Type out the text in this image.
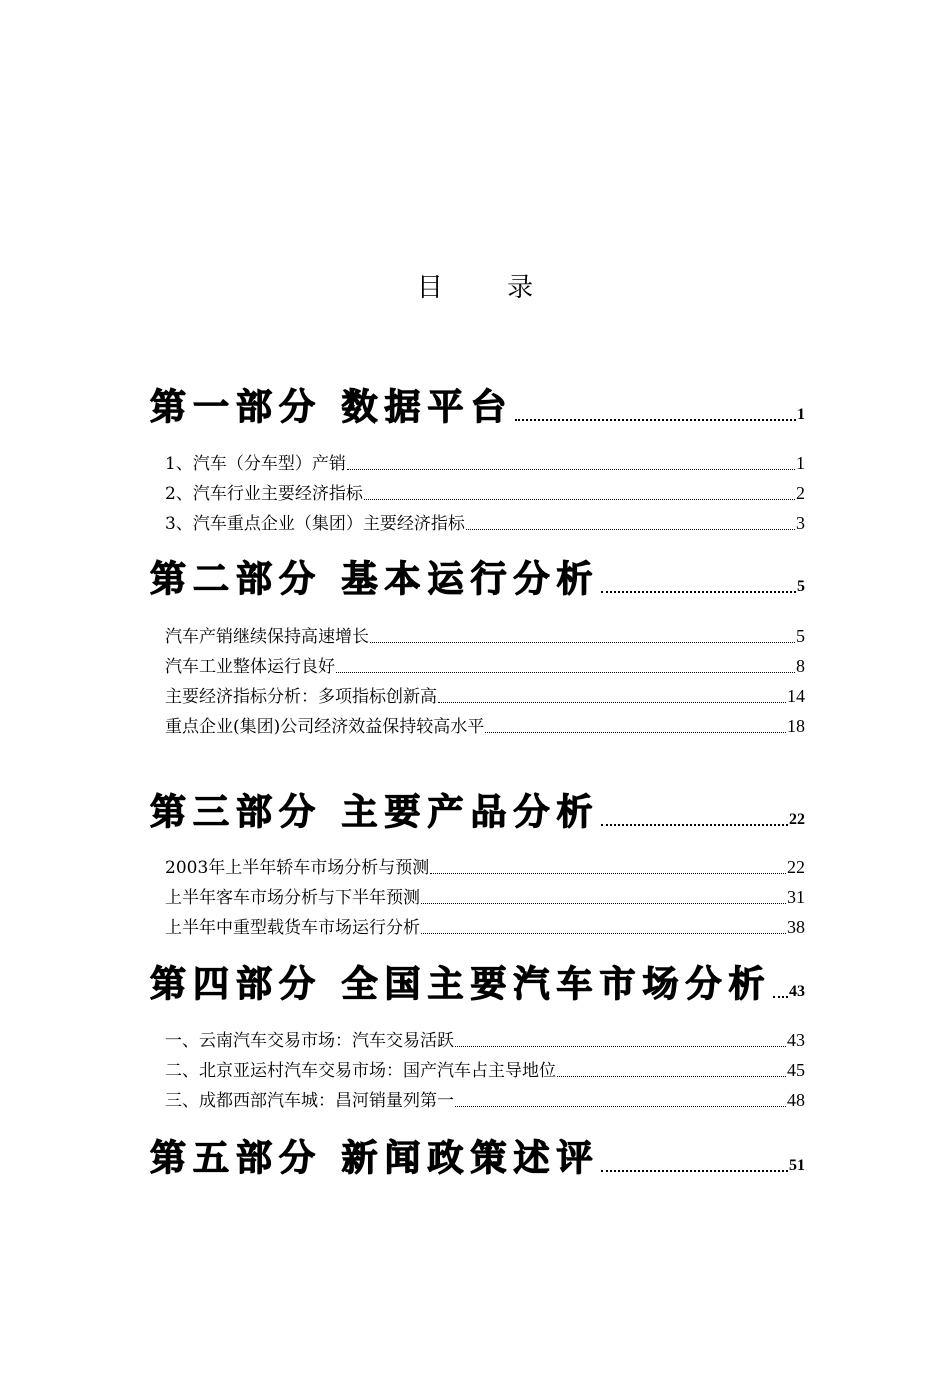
目 录
第一部分 数据平台	1
1、汽车（分车型）产销	1
2、汽车行业主要经济指标	2
3、汽车重点企业（集团）主要经济指标	3
第二部分 基本运行分析	5
汽车产销继续保持高速增长	5
汽车工业整体运行良好	8
主要经济指标分析：多项指标创新高	14
重点企业(集团)公司经济效益保持较高水平	18
第三部分 主要产品分析	22
2003年上半年轿车市场分析与预测	22
上半年客车市场分析与下半年预测	31
上半年中重型载货车市场运行分析	38
第四部分 全国主要汽车市场分析 43
一、云南汽车交易市场：汽车交易活跃	43
二、北京亚运村汽车交易市场：国产汽车占主导地位	45
三、成都西部汽车城：昌河销量列第一	48
第五部分 新闻政策述评	51
